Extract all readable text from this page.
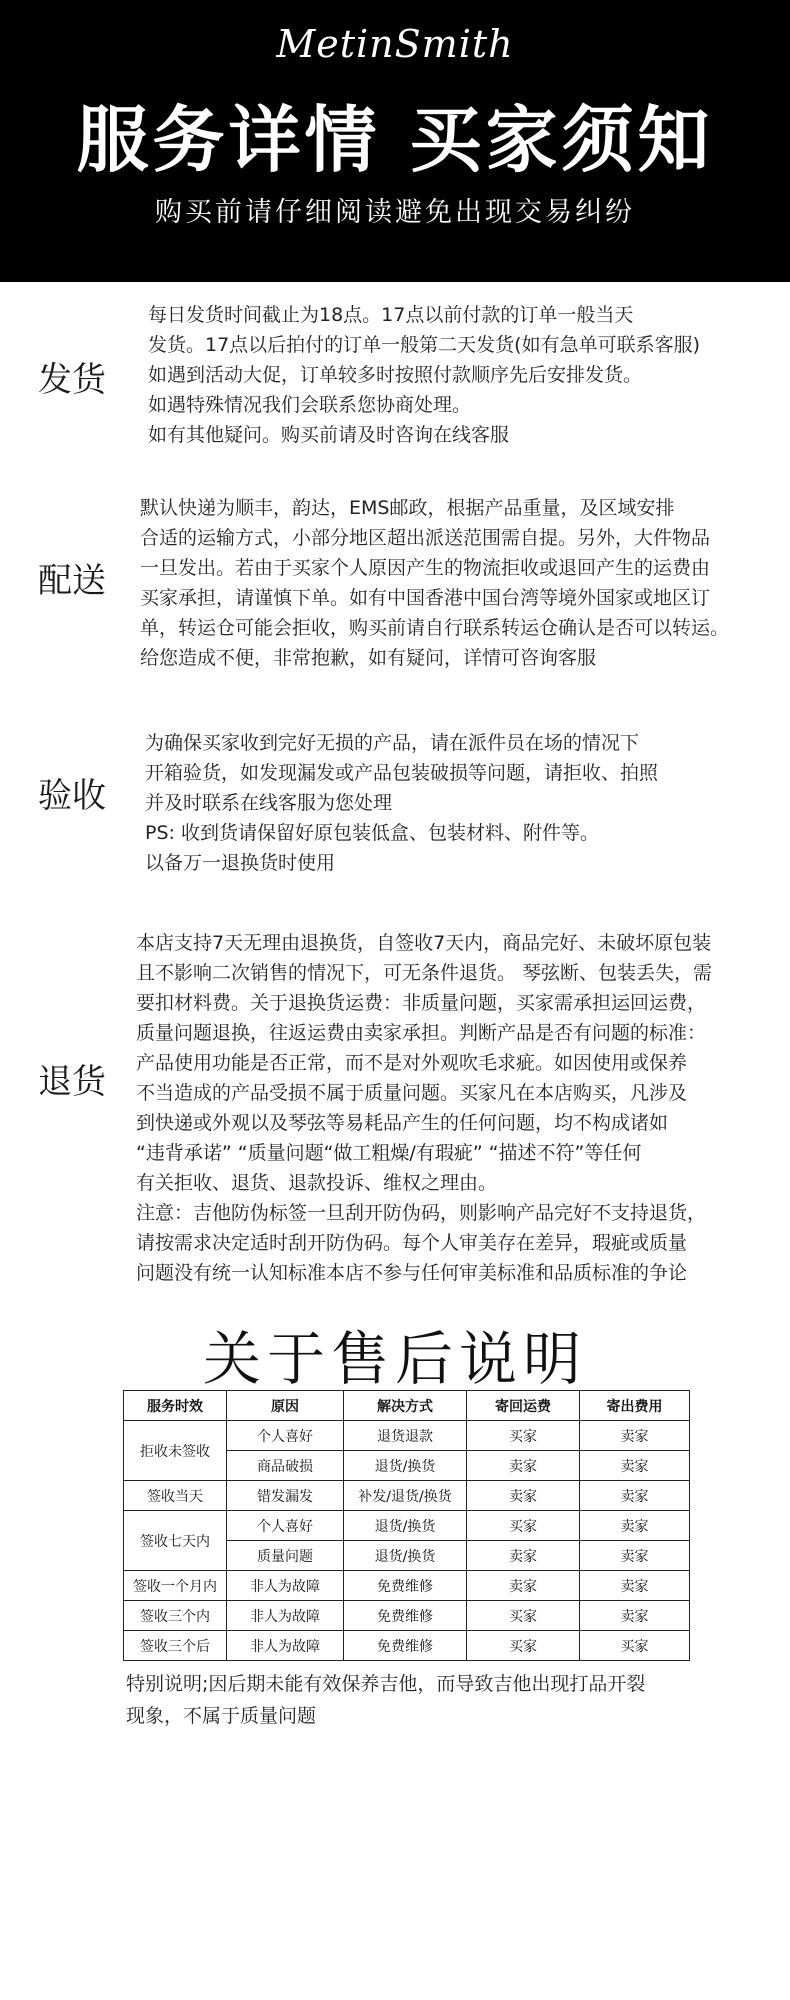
MetinSmith
服务详情 买家须知
购买前请仔细阅读避免出现交易纠纷
发货
每日发货时间截止为18点。17点以前付款的订单一般当天
发货。17点以后拍付的订单一般第二天发货(如有急单可联系客服)
如遇到活动大促，订单较多时按照付款顺序先后安排发货。
如遇特殊情况我们会联系您协商处理。
如有其他疑问。购买前请及时咨询在线客服
配送
默认快递为顺丰，韵达，EMS邮政，根据产品重量，及区域安排
合适的运输方式，小部分地区超出派送范围需自提。另外，大件物品
一旦发出。若由于买家个人原因产生的物流拒收或退回产生的运费由
买家承担，请谨慎下单。如有中国香港中国台湾等境外国家或地区订
单，转运仓可能会拒收，购买前请自行联系转运仓确认是否可以转运。
给您造成不便，非常抱歉，如有疑问，详情可咨询客服
验收
为确保买家收到完好无损的产品，请在派件员在场的情况下
开箱验货，如发现漏发或产品包装破损等问题，请拒收、拍照
并及时联系在线客服为您处理
PS: 收到货请保留好原包装低盒、包装材料、附件等。
以备万一退换货时使用
退货
本店支持7天无理由退换货，自签收7天内，商品完好、未破坏原包装
且不影响二次销售的情况下，可无条件退货。 琴弦断、包装丢失，需
要扣材料费。关于退换货运费：非质量问题，买家需承担运回运费，
质量问题退换，往返运费由卖家承担。判断产品是否有问题的标准：
产品使用功能是否正常，而不是对外观吹毛求疵。如因使用或保养
不当造成的产品受损不属于质量问题。买家凡在本店购买，凡涉及
到快递或外观以及琴弦等易耗品产生的任何问题，均不构成诸如
“违背承诺” “质量问题“做工粗燥/有瑕疵” “描述不符”等任何
有关拒收、退货、退款投诉、维权之理由。
注意：吉他防伪标签一旦刮开防伪码，则影响产品完好不支持退货，
请按需求决定适时刮开防伪码。每个人审美存在差异，瑕疵或质量
问题没有统一认知标准本店不参与任何审美标准和品质标准的争论
关于售后说明
服务时效	原因	解决方式	寄回运费	寄出费用
拒收未签收	个人喜好	退货退款	买家	卖家
	商品破损	退货/换货	卖家	卖家
签收当天	错发漏发	补发/退货/换货	卖家	卖家
签收七天内	个人喜好	退货/换货	买家	卖家
	质量问题	退货/换货	卖家	卖家
签收一个月内	非人为故障	免费维修	卖家	卖家
签收三个内	非人为故障	免费维修	买家	卖家
签收三个后	非人为故障	免费维修	买家	买家
特别说明;因后期未能有效保养吉他，而导致吉他出现打品开裂
现象，不属于质量问题
